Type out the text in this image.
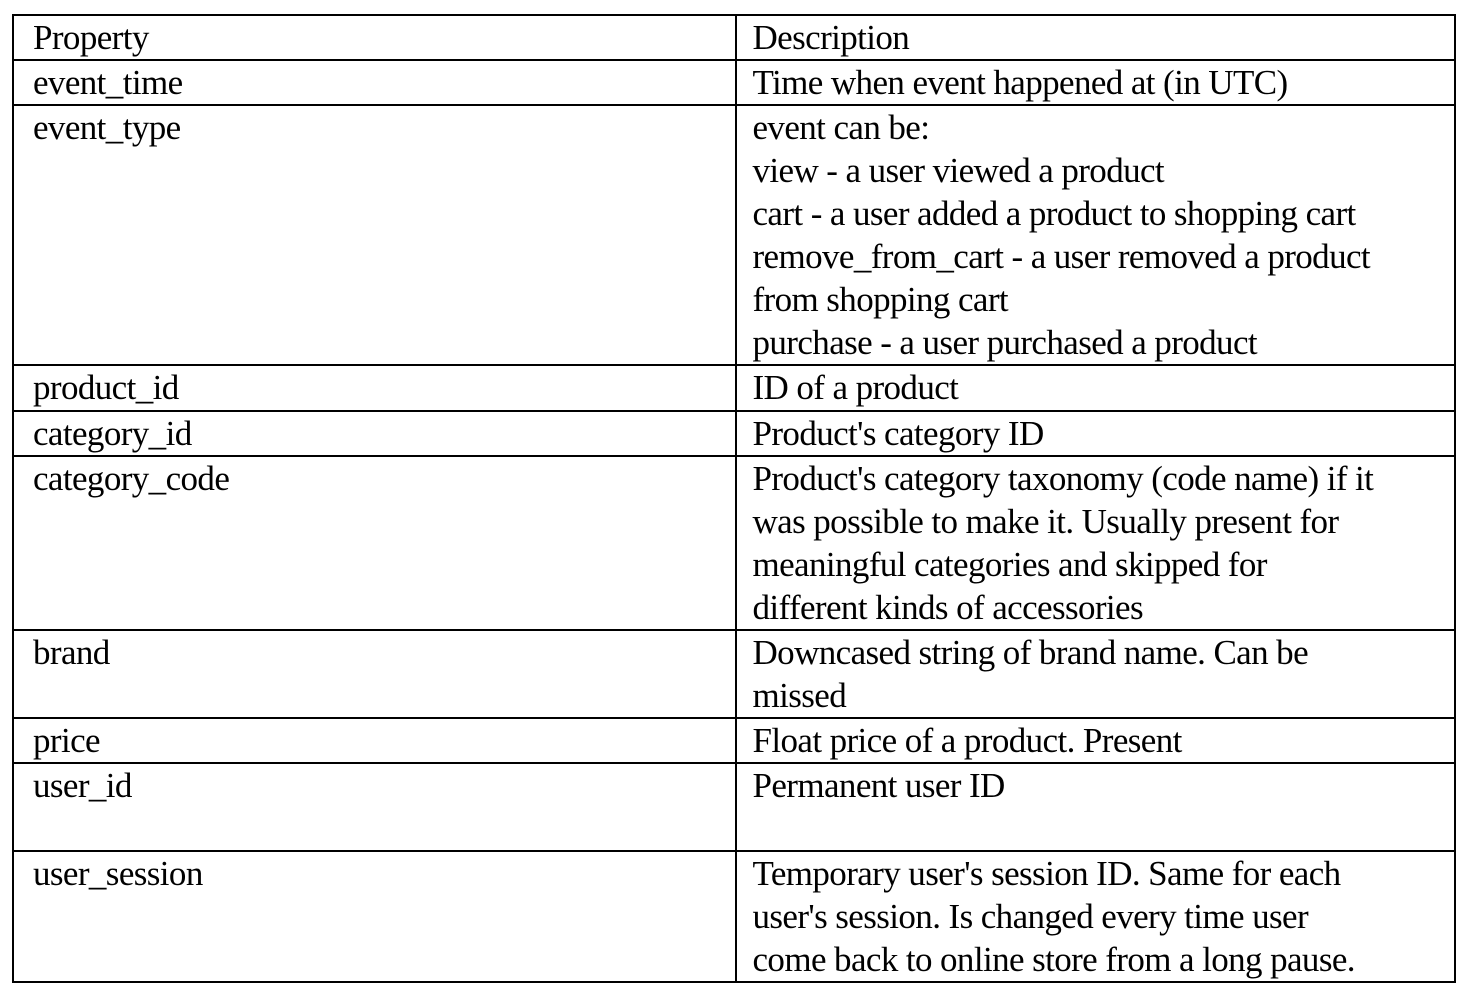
Property	Description

event_time	Time when event happened at (in UTC)

event_type	event can be:
view - a user viewed a product
cart - a user added a product to shopping cart
remove_from_cart - a user removed a product
from shopping cart
purchase - a user purchased a product

product_id	ID of a product

category_id	Product's category ID

category_code	Product's category taxonomy (code name) if it
was possible to make it. Usually present for
meaningful categories and skipped for
different kinds of accessories

brand	Downcased string of brand name. Can be
missed

price	Float price of a product. Present

user_id	Permanent user ID

user_session	Temporary user's session ID. Same for each
user's session. Is changed every time user
come back to online store from a long pause.
